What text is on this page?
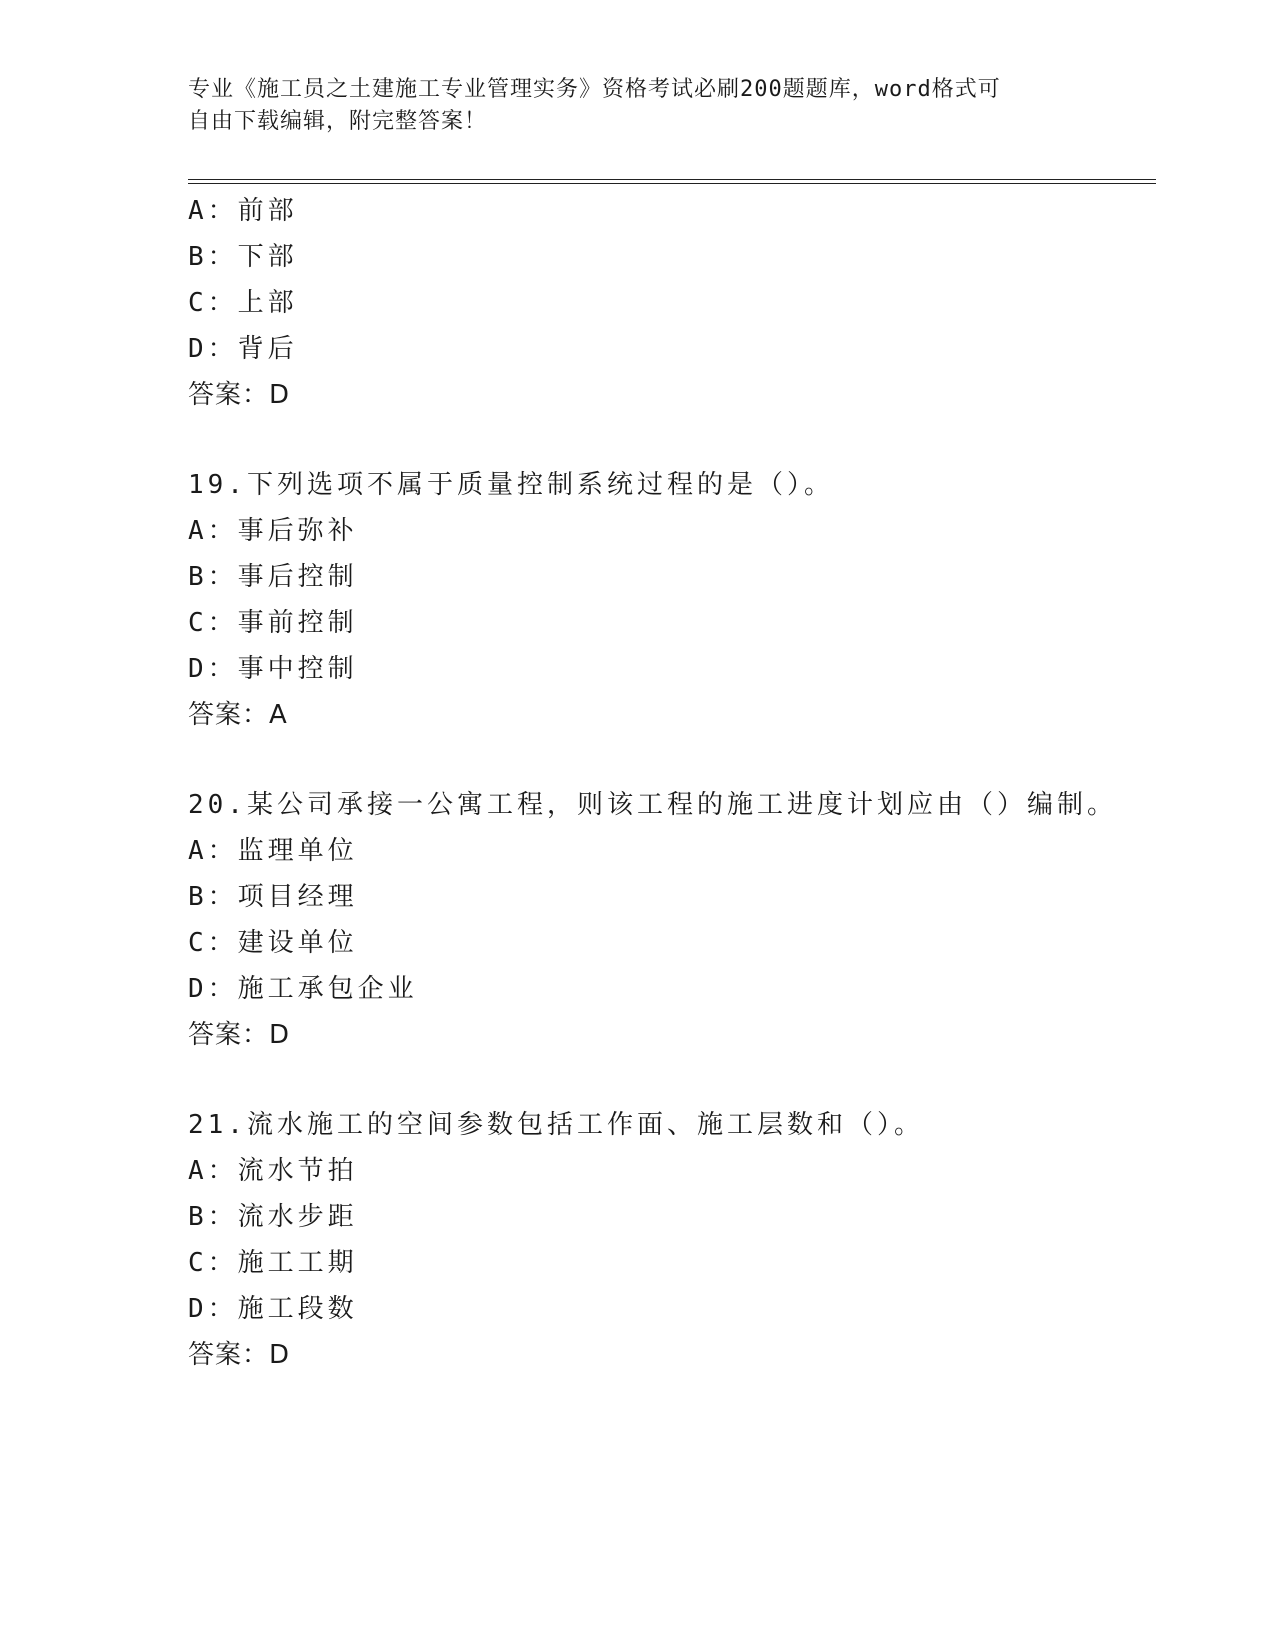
专业《施工员之土建施工专业管理实务》资格考试必刷200题题库，word格式可
自由下载编辑，附完整答案！
A：前部
B：下部
C：上部
D：背后
答案：D
19.下列选项不属于质量控制系统过程的是（）。
A：事后弥补
B：事后控制
C：事前控制
D：事中控制
答案：A
20.某公司承接一公寓工程，则该工程的施工进度计划应由（）编制。
A：监理单位
B：项目经理
C：建设单位
D：施工承包企业
答案：D
21.流水施工的空间参数包括工作面、施工层数和（）。
A：流水节拍
B：流水步距
C：施工工期
D：施工段数
答案：D
